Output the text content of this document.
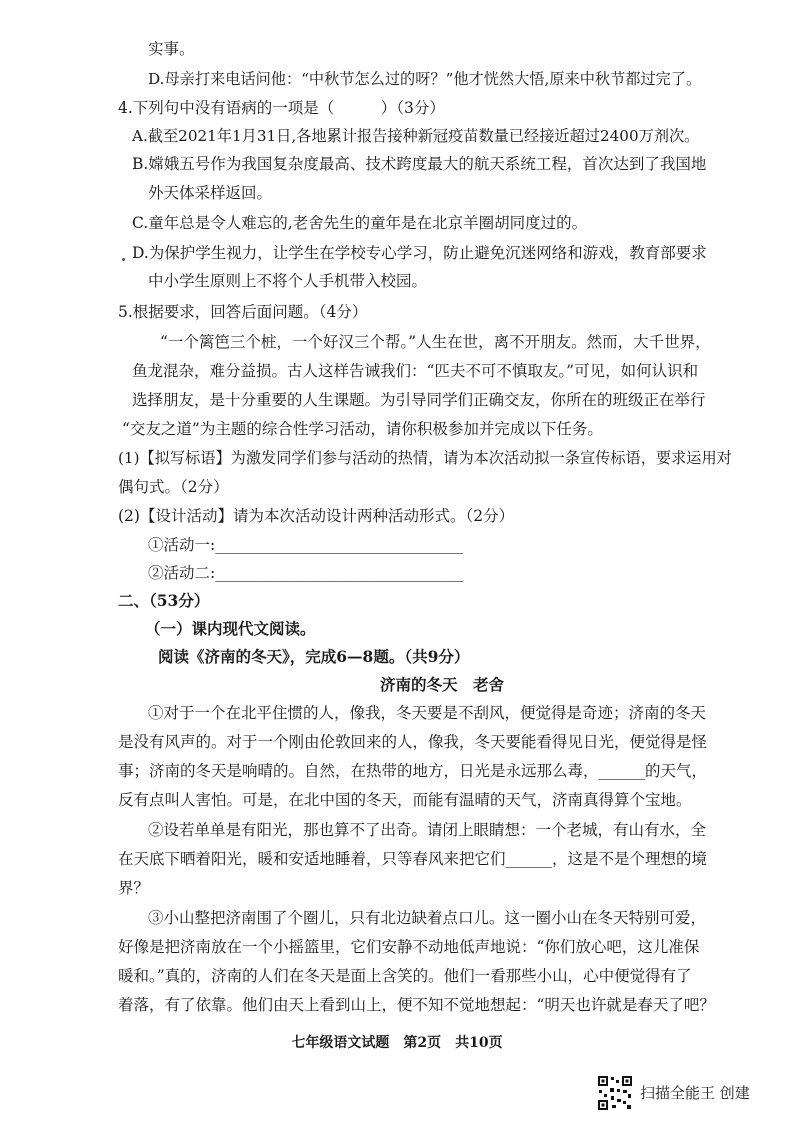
实事。
D.母亲打来电话问他：“中秋节怎么过的呀？”他才恍然大悟,原来中秋节都过完了。
4.下列句中没有语病的一项是（　　　）（3分）
A.截至2021年1月31日,各地累计报告接种新冠疫苗数量已经接近超过2400万剂次。
B.嫦娥五号作为我国复杂度最高、技术跨度最大的航天系统工程，首次达到了我国地
外天体采样返回。
C.童年总是令人难忘的,老舍先生的童年是在北京羊圈胡同度过的。
D.为保护学生视力，让学生在学校专心学习，防止避免沉迷网络和游戏，教育部要求
中小学生原则上不将个人手机带入校园。
5.根据要求，回答后面问题。（4分）
“一个篱笆三个桩，一个好汉三个帮。”人生在世，离不开朋友。然而，大千世界，
鱼龙混杂，难分益损。古人这样告诫我们：“匹夫不可不慎取友。”可见，如何认识和
选择朋友，是十分重要的人生课题。为引导同学们正确交友，你所在的班级正在举行
“交友之道”为主题的综合性学习活动，请你积极参加并完成以下任务。
(1)【拟写标语】为激发同学们参与活动的热情，请为本次活动拟一条宣传标语，要求运用对
偶句式。（2分）
(2)【设计活动】请为本次活动设计两种活动形式。（2分）
①活动一:________________________________
②活动二:________________________________
二、（53分）
（一）课内现代文阅读。
阅读《济南的冬天》，完成6—8题。（共9分）
济南的冬天　老舍
①对于一个在北平住惯的人，像我，冬天要是不刮风，便觉得是奇迹；济南的冬天
是没有风声的。对于一个刚由伦敦回来的人，像我，冬天要能看得见日光，便觉得是怪
事；济南的冬天是响晴的。自然，在热带的地方，日光是永远那么毒，______的天气，
反有点叫人害怕。可是，在北中国的冬天，而能有温晴的天气，济南真得算个宝地。
②设若单单是有阳光，那也算不了出奇。请闭上眼睛想：一个老城，有山有水，全
在天底下晒着阳光，暖和安适地睡着，只等春风来把它们______，这是不是个理想的境
界？
③小山整把济南围了个圈儿，只有北边缺着点口儿。这一圈小山在冬天特别可爱，
好像是把济南放在一个小摇篮里，它们安静不动地低声地说：“你们放心吧，这儿准保
暖和。”真的，济南的人们在冬天是面上含笑的。他们一看那些小山，心中便觉得有了
着落，有了依靠。他们由天上看到山上，便不知不觉地想起：“明天也许就是春天了吧？
七年级语文试题　第2页　共10页
扫描全能王 创建
